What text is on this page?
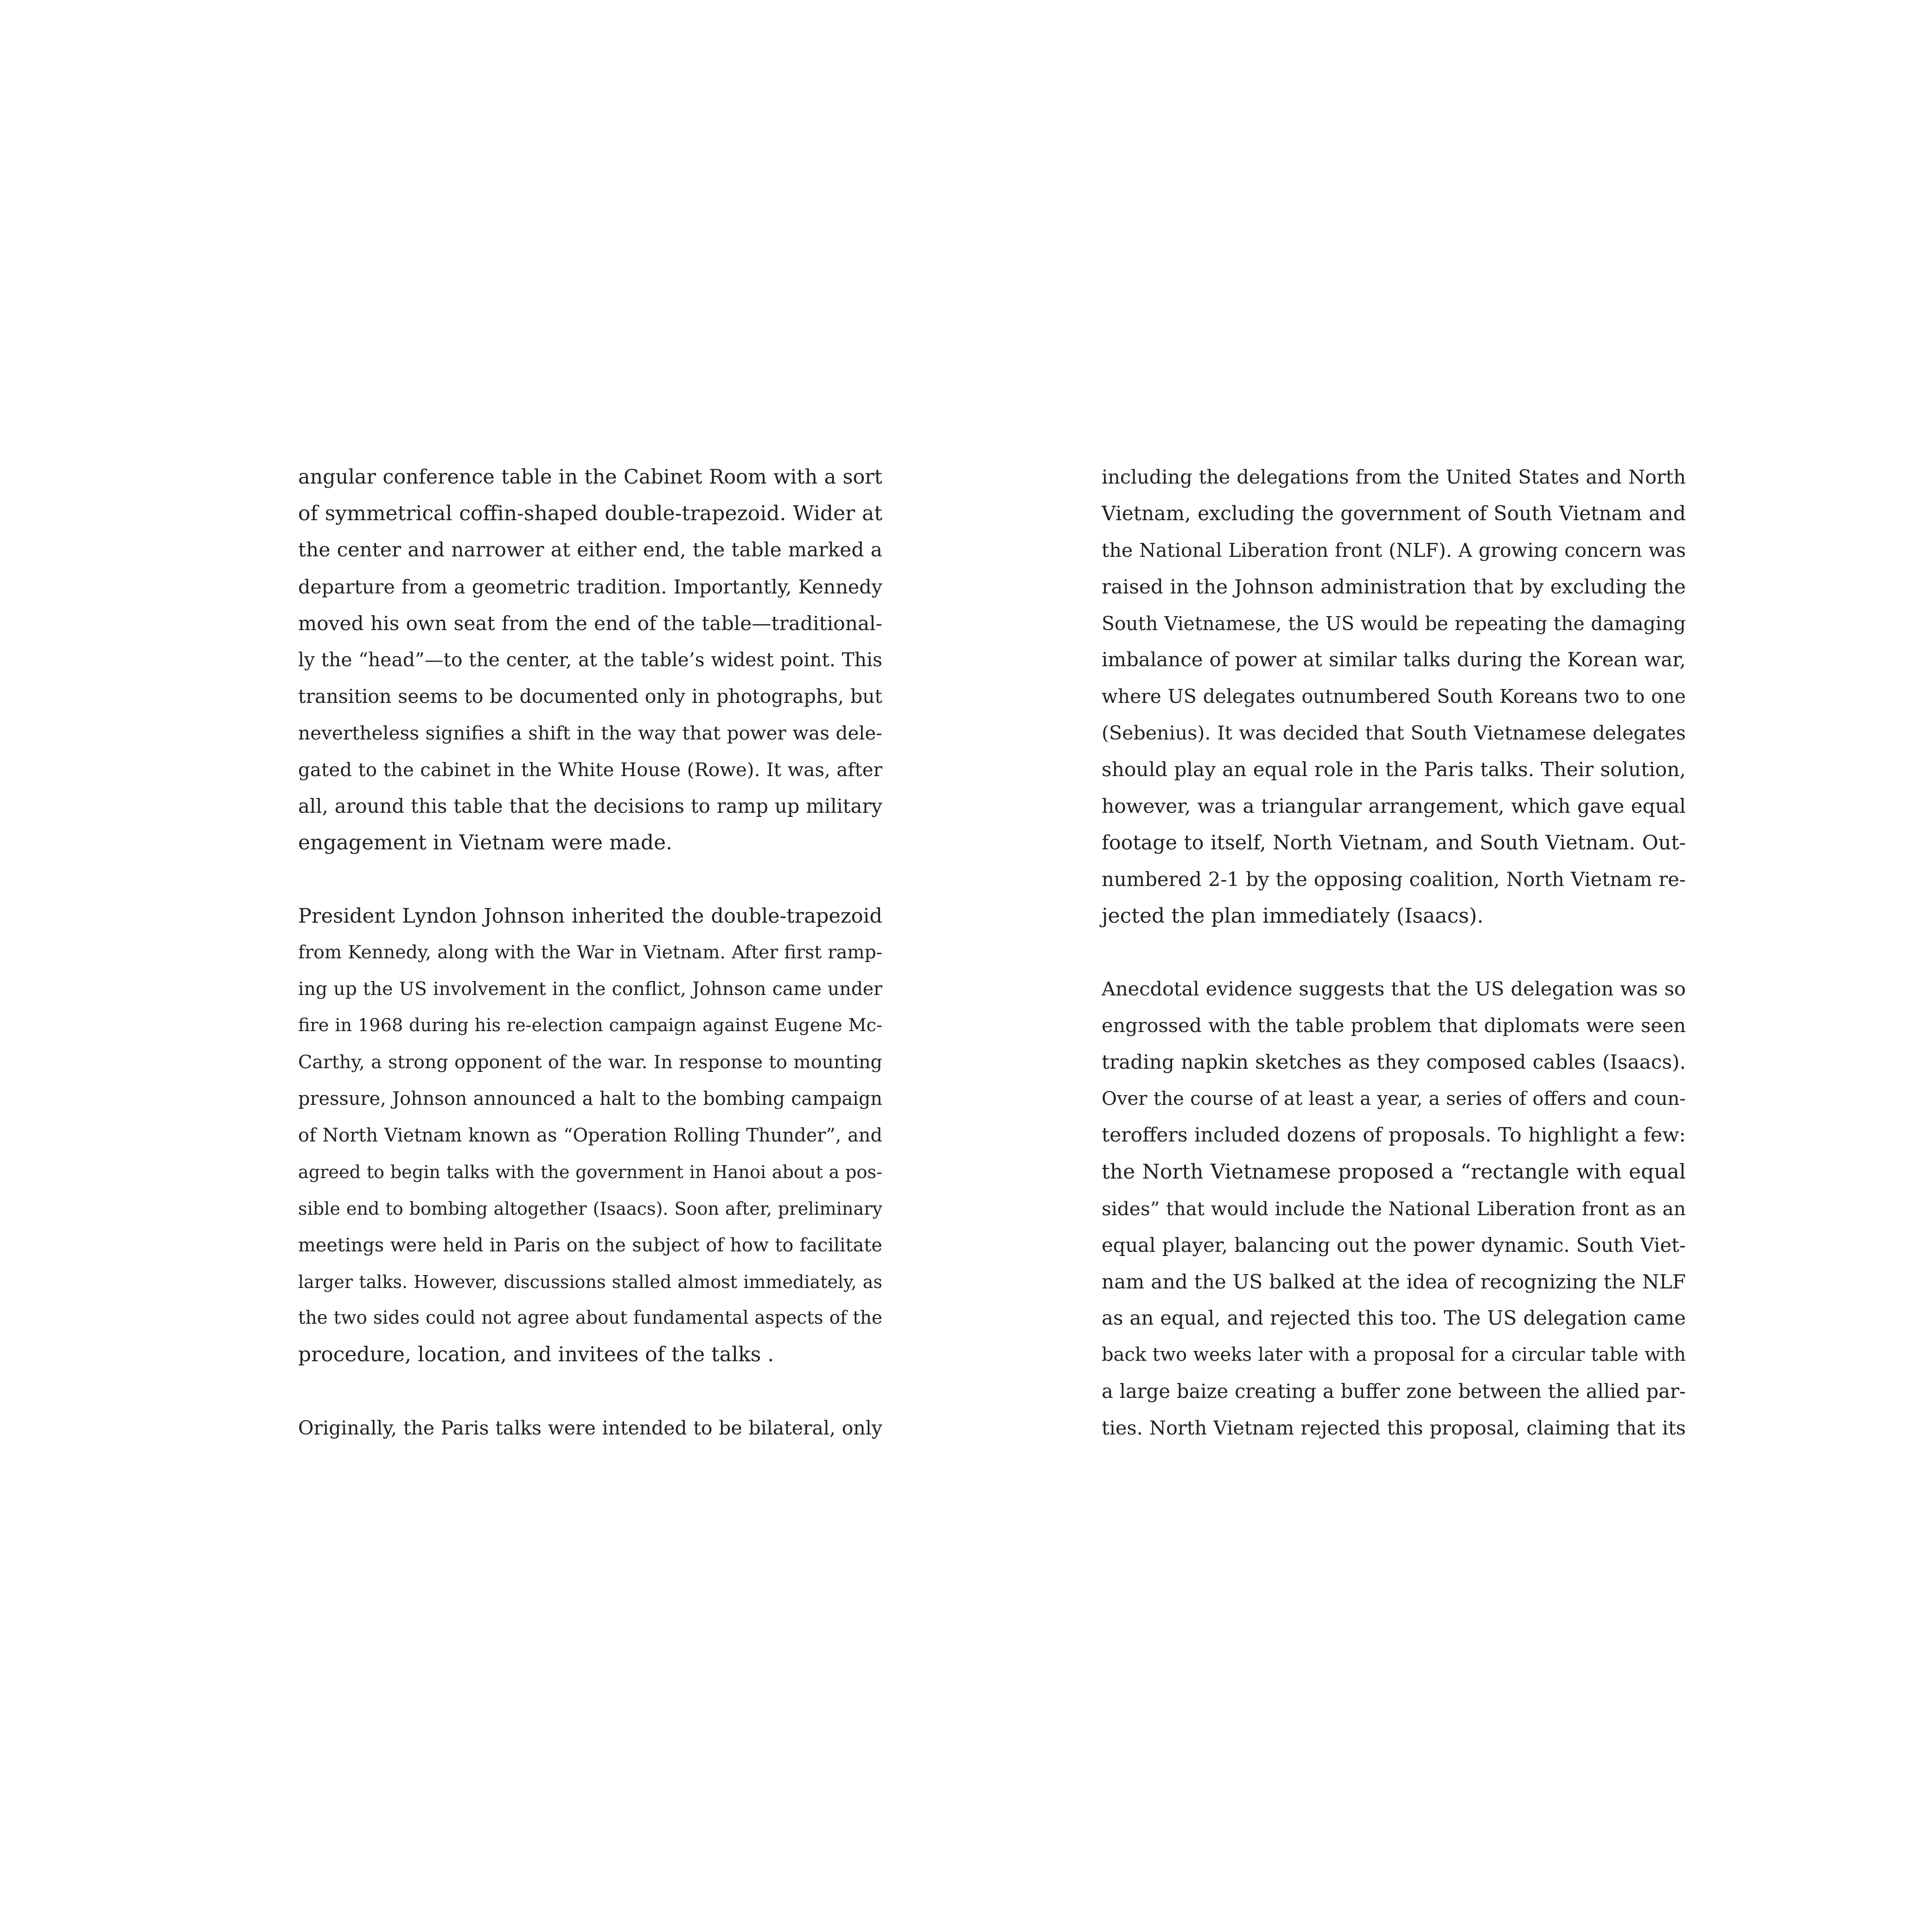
angular conference table in the Cabinet Room with a sort
of symmetrical coffin-shaped double-trapezoid. Wider at
the center and narrower at either end, the table marked a
departure from a geometric tradition. Importantly, Kennedy
moved his own seat from the end of the table—traditional-
ly the “head”—to the center, at the table’s widest point. This
transition seems to be documented only in photographs, but
nevertheless signifies a shift in the way that power was dele-
gated to the cabinet in the White House (Rowe). It was, after
all, around this table that the decisions to ramp up military
engagement in Vietnam were made.
President Lyndon Johnson inherited the double-trapezoid
from Kennedy, along with the War in Vietnam. After first ramp-
ing up the US involvement in the conflict, Johnson came under
fire in 1968 during his re-election campaign against Eugene Mc-
Carthy, a strong opponent of the war. In response to mounting
pressure, Johnson announced a halt to the bombing campaign
of North Vietnam known as “Operation Rolling Thunder”, and
agreed to begin talks with the government in Hanoi about a pos-
sible end to bombing altogether (Isaacs). Soon after, preliminary
meetings were held in Paris on the subject of how to facilitate
larger talks. However, discussions stalled almost immediately, as
the two sides could not agree about fundamental aspects of the
procedure, location, and invitees of the talks .
Originally, the Paris talks were intended to be bilateral, only
including the delegations from the United States and North
Vietnam, excluding the government of South Vietnam and
the National Liberation front (NLF). A growing concern was
raised in the Johnson administration that by excluding the
South Vietnamese, the US would be repeating the damaging
imbalance of power at similar talks during the Korean war,
where US delegates outnumbered South Koreans two to one
(Sebenius). It was decided that South Vietnamese delegates
should play an equal role in the Paris talks. Their solution,
however, was a triangular arrangement, which gave equal
footage to itself, North Vietnam, and South Vietnam. Out-
numbered 2-1 by the opposing coalition, North Vietnam re-
jected the plan immediately (Isaacs).
Anecdotal evidence suggests that the US delegation was so
engrossed with the table problem that diplomats were seen
trading napkin sketches as they composed cables (Isaacs).
Over the course of at least a year, a series of offers and coun-
teroffers included dozens of proposals. To highlight a few:
the North Vietnamese proposed a “rectangle with equal
sides” that would include the National Liberation front as an
equal player, balancing out the power dynamic. South Viet-
nam and the US balked at the idea of recognizing the NLF
as an equal, and rejected this too. The US delegation came
back two weeks later with a proposal for a circular table with
a large baize creating a buffer zone between the allied par-
ties. North Vietnam rejected this proposal, claiming that its
